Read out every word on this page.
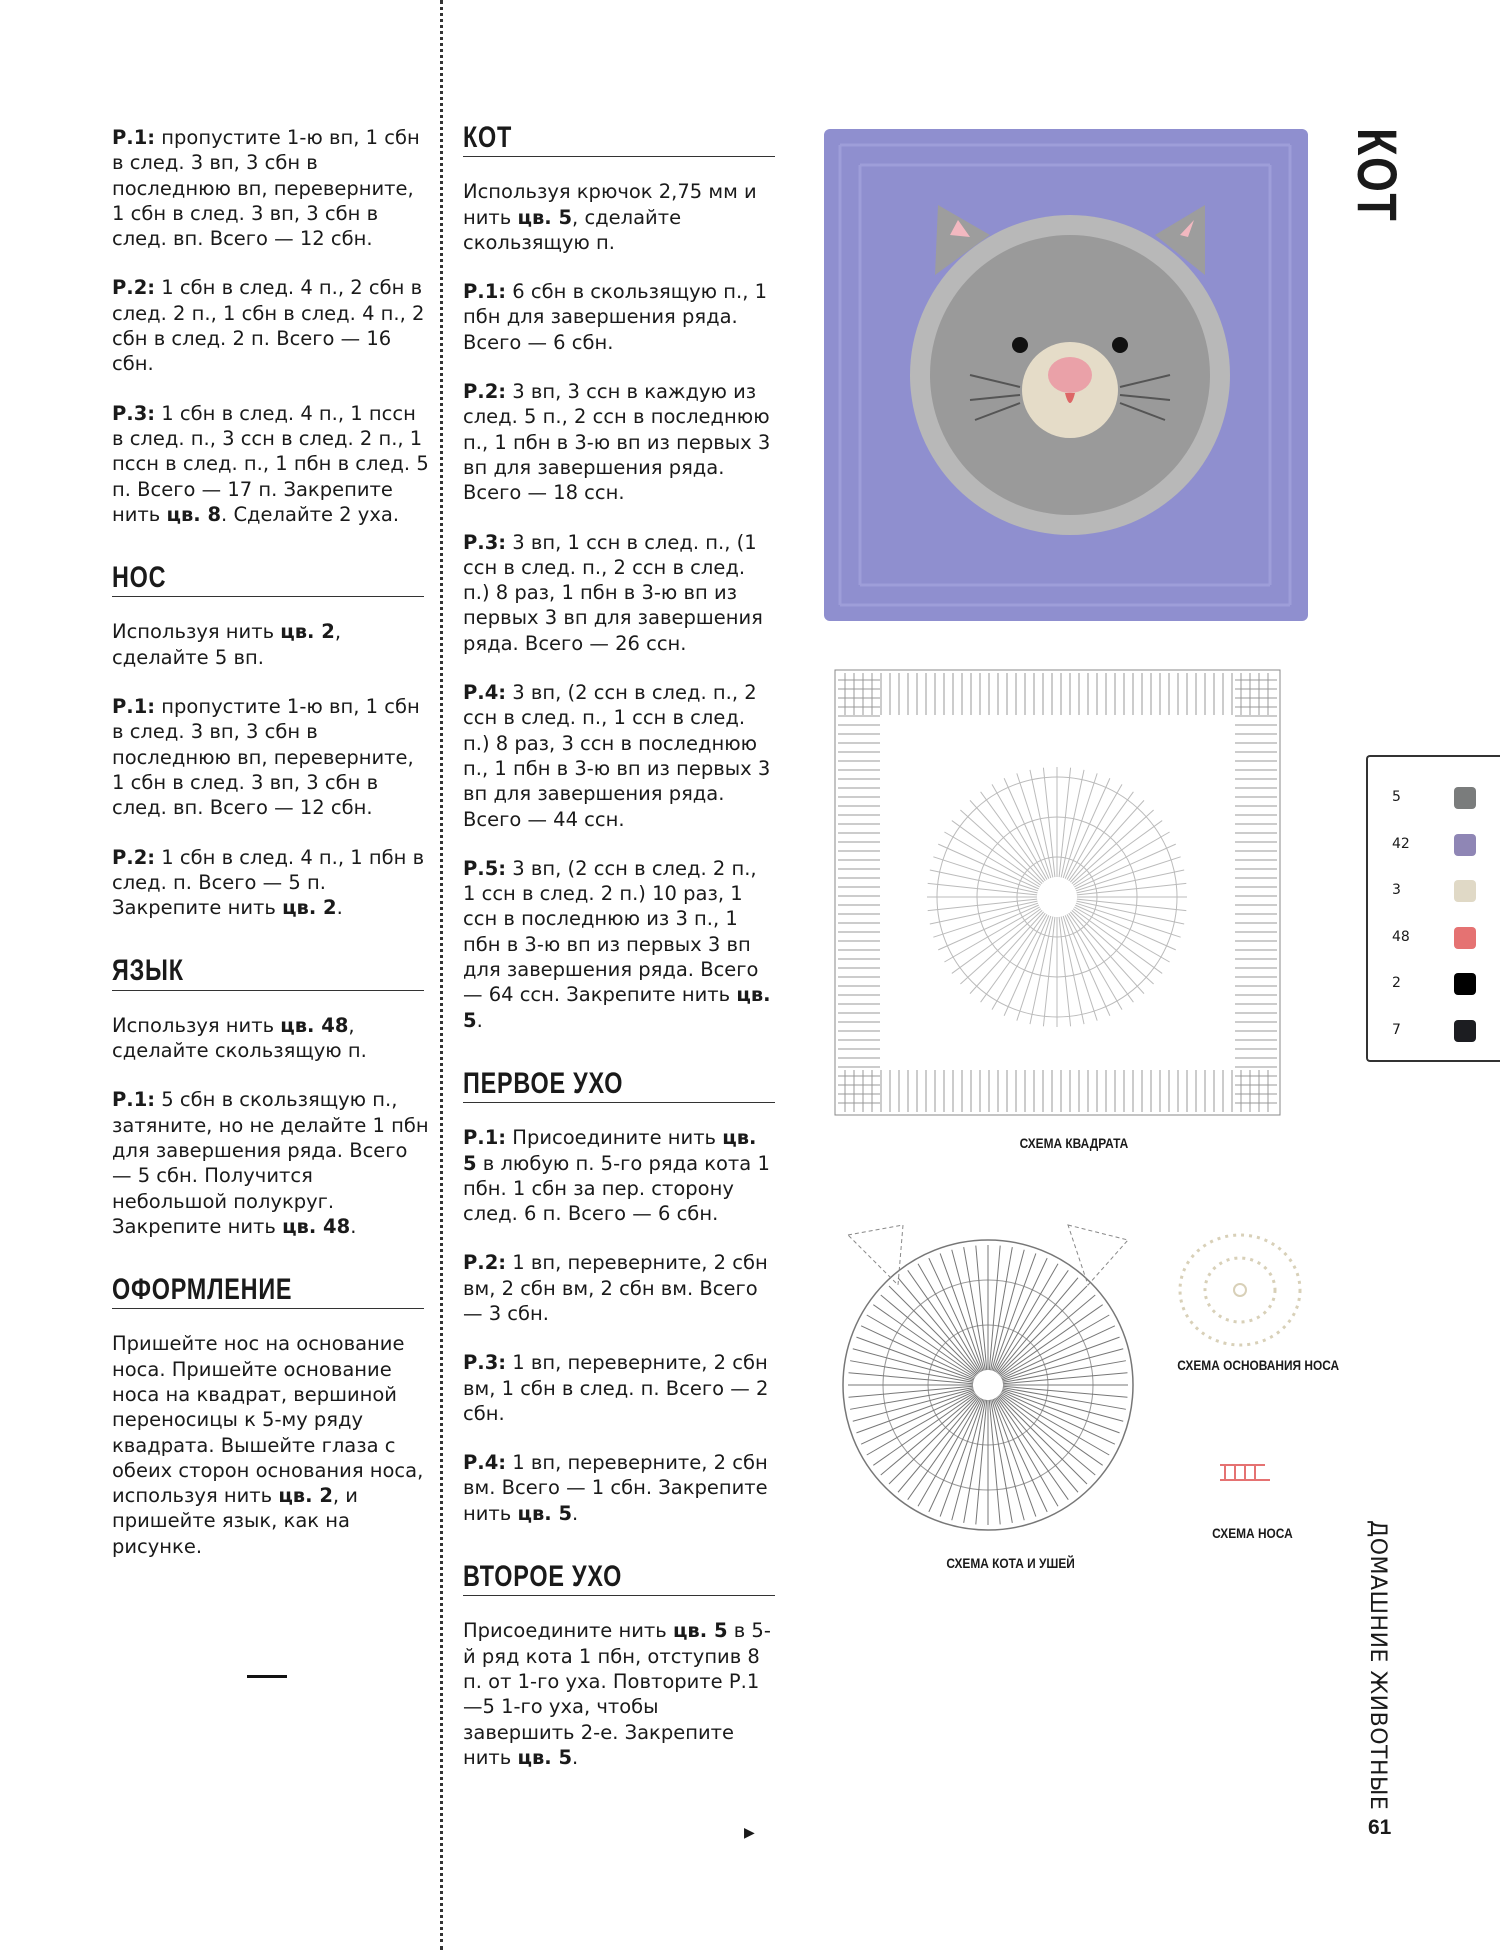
Р.1: пропустите 1-ю вп, 1 сбн в след. 3 вп, 3 сбн в последнюю вп, переверните, 1 сбн в след. 3 вп, 3 сбн в след. вп. Всего — 12 сбн.
Р.2: 1 сбн в след. 4 п., 2 сбн в след. 2 п., 1 сбн в след. 4 п., 2 сбн в след. 2 п. Всего — 16 сбн.
Р.3: 1 сбн в след. 4 п., 1 пссн в след. п., 3 ссн в след. 2 п., 1 пссн в след. п., 1 пбн в след. 5 п. Всего — 17 п. Закрепите нить цв. 8. Сделайте 2 уха.
НОС
Используя нить цв. 2, сделайте 5 вп.
Р.1: пропустите 1-ю вп, 1 сбн в след. 3 вп, 3 сбн в последнюю вп, переверните, 1 сбн в след. 3 вп, 3 сбн в след. вп. Всего — 12 сбн.
Р.2: 1 сбн в след. 4 п., 1 пбн в след. п. Всего — 5 п. Закрепите нить цв. 2.
ЯЗЫК
Используя нить цв. 48, сделайте скользящую п.
Р.1: 5 сбн в скользящую п., затяните, но не делайте 1 пбн для завершения ряда. Всего — 5 сбн. Получится небольшой полукруг. Закрепите нить цв. 48.
ОФОРМЛЕНИЕ
Пришейте нос на основание носа. Пришейте основание носа на квадрат, вершиной переносицы к 5-му ряду квадрата. Вышейте глаза с обеих сторон основания носа, используя нить цв. 2, и пришейте язык, как на рисунке.
КОТ
Используя крючок 2,75 мм и нить цв. 5, сделайте скользящую п.
Р.1: 6 сбн в скользящую п., 1 пбн для завершения ряда. Всего — 6 сбн.
Р.2: 3 вп, 3 ссн в каждую из след. 5 п., 2 ссн в последнюю п., 1 пбн в 3-ю вп из первых 3 вп для завершения ряда. Всего — 18 ссн.
Р.3: 3 вп, 1 ссн в след. п., (1 ссн в след. п., 2 ссн в след. п.) 8 раз, 1 пбн в 3-ю вп из первых 3 вп для завершения ряда. Всего — 26 ссн.
Р.4: 3 вп, (2 ссн в след. п., 2 ссн в след. п., 1 ссн в след. п.) 8 раз, 3 ссн в последнюю п., 1 пбн в 3-ю вп из первых 3 вп для завершения ряда. Всего — 44 ссн.
Р.5: 3 вп, (2 ссн в след. 2 п., 1 ссн в след. 2 п.) 10 раз, 1 ссн в последнюю из 3 п., 1 пбн в 3-ю вп из первых 3 вп для завершения ряда. Всего — 64 ссн. Закрепите нить цв. 5.
ПЕРВОЕ УХО
Р.1: Присоедините нить цв. 5 в любую п. 5-го ряда кота 1 пбн. 1 сбн за пер. сторону след. 6 п. Всего — 6 сбн.
Р.2: 1 вп, переверните, 2 сбн вм, 2 сбн вм, 2 сбн вм. Всего — 3 сбн.
Р.3: 1 вп, переверните, 2 сбн вм, 1 сбн в след. п. Всего — 2 сбн.
Р.4: 1 вп, переверните, 2 сбн вм. Всего — 1 сбн. Закрепите нить цв. 5.
ВТОРОЕ УХО
Присоедините нить цв. 5 в 5-й ряд кота 1 пбн, отступив 8 п. от 1-го уха. Повторите Р.1—5 1-го уха, чтобы завершить 2-е. Закрепите нить цв. 5.
▶
СХЕМА КВАДРАТА
СХЕМА КОТА И УШЕЙ
СХЕМА ОСНОВАНИЯ НОСА
СХЕМА НОСА
5
42
3
48
2
7
КОТ
ДОМАШНИЕ ЖИВОТНЫЕ
61
